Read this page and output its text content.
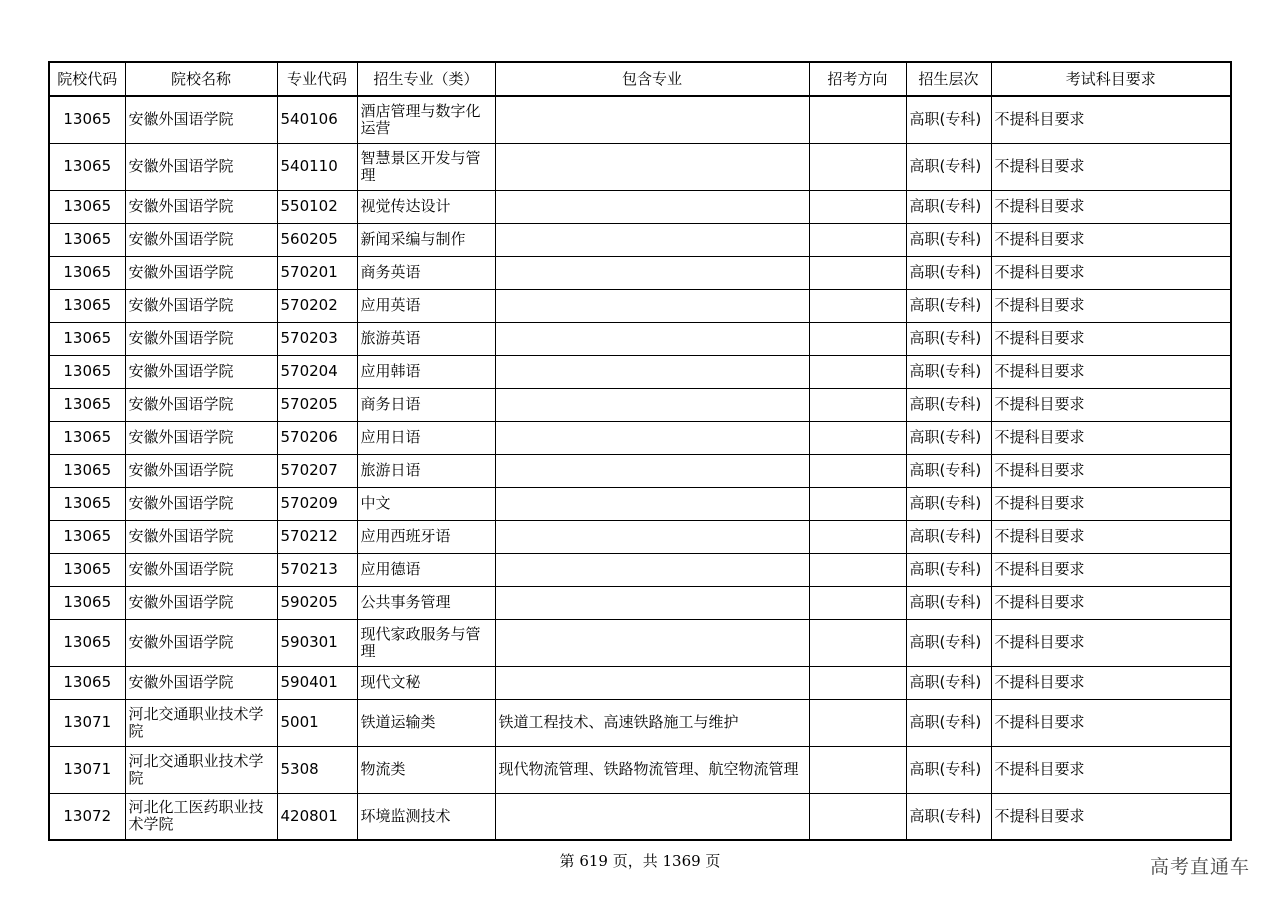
院校代码	院校名称	专业代码	招生专业（类）	包含专业	招考方向	招生层次	考试科目要求
13065	安徽外国语学院	540106	酒店管理与数字化运营			高职(专科)	不提科目要求
13065	安徽外国语学院	540110	智慧景区开发与管理			高职(专科)	不提科目要求
13065	安徽外国语学院	550102	视觉传达设计			高职(专科)	不提科目要求
13065	安徽外国语学院	560205	新闻采编与制作			高职(专科)	不提科目要求
13065	安徽外国语学院	570201	商务英语			高职(专科)	不提科目要求
13065	安徽外国语学院	570202	应用英语			高职(专科)	不提科目要求
13065	安徽外国语学院	570203	旅游英语			高职(专科)	不提科目要求
13065	安徽外国语学院	570204	应用韩语			高职(专科)	不提科目要求
13065	安徽外国语学院	570205	商务日语			高职(专科)	不提科目要求
13065	安徽外国语学院	570206	应用日语			高职(专科)	不提科目要求
13065	安徽外国语学院	570207	旅游日语			高职(专科)	不提科目要求
13065	安徽外国语学院	570209	中文			高职(专科)	不提科目要求
13065	安徽外国语学院	570212	应用西班牙语			高职(专科)	不提科目要求
13065	安徽外国语学院	570213	应用德语			高职(专科)	不提科目要求
13065	安徽外国语学院	590205	公共事务管理			高职(专科)	不提科目要求
13065	安徽外国语学院	590301	现代家政服务与管理			高职(专科)	不提科目要求
13065	安徽外国语学院	590401	现代文秘			高职(专科)	不提科目要求
13071	河北交通职业技术学院	5001	铁道运输类	铁道工程技术、高速铁路施工与维护		高职(专科)	不提科目要求
13071	河北交通职业技术学院	5308	物流类	现代物流管理、铁路物流管理、航空物流管理		高职(专科)	不提科目要求
13072	河北化工医药职业技术学院	420801	环境监测技术			高职(专科)	不提科目要求
第 619 页，共 1369 页	高考直通车
